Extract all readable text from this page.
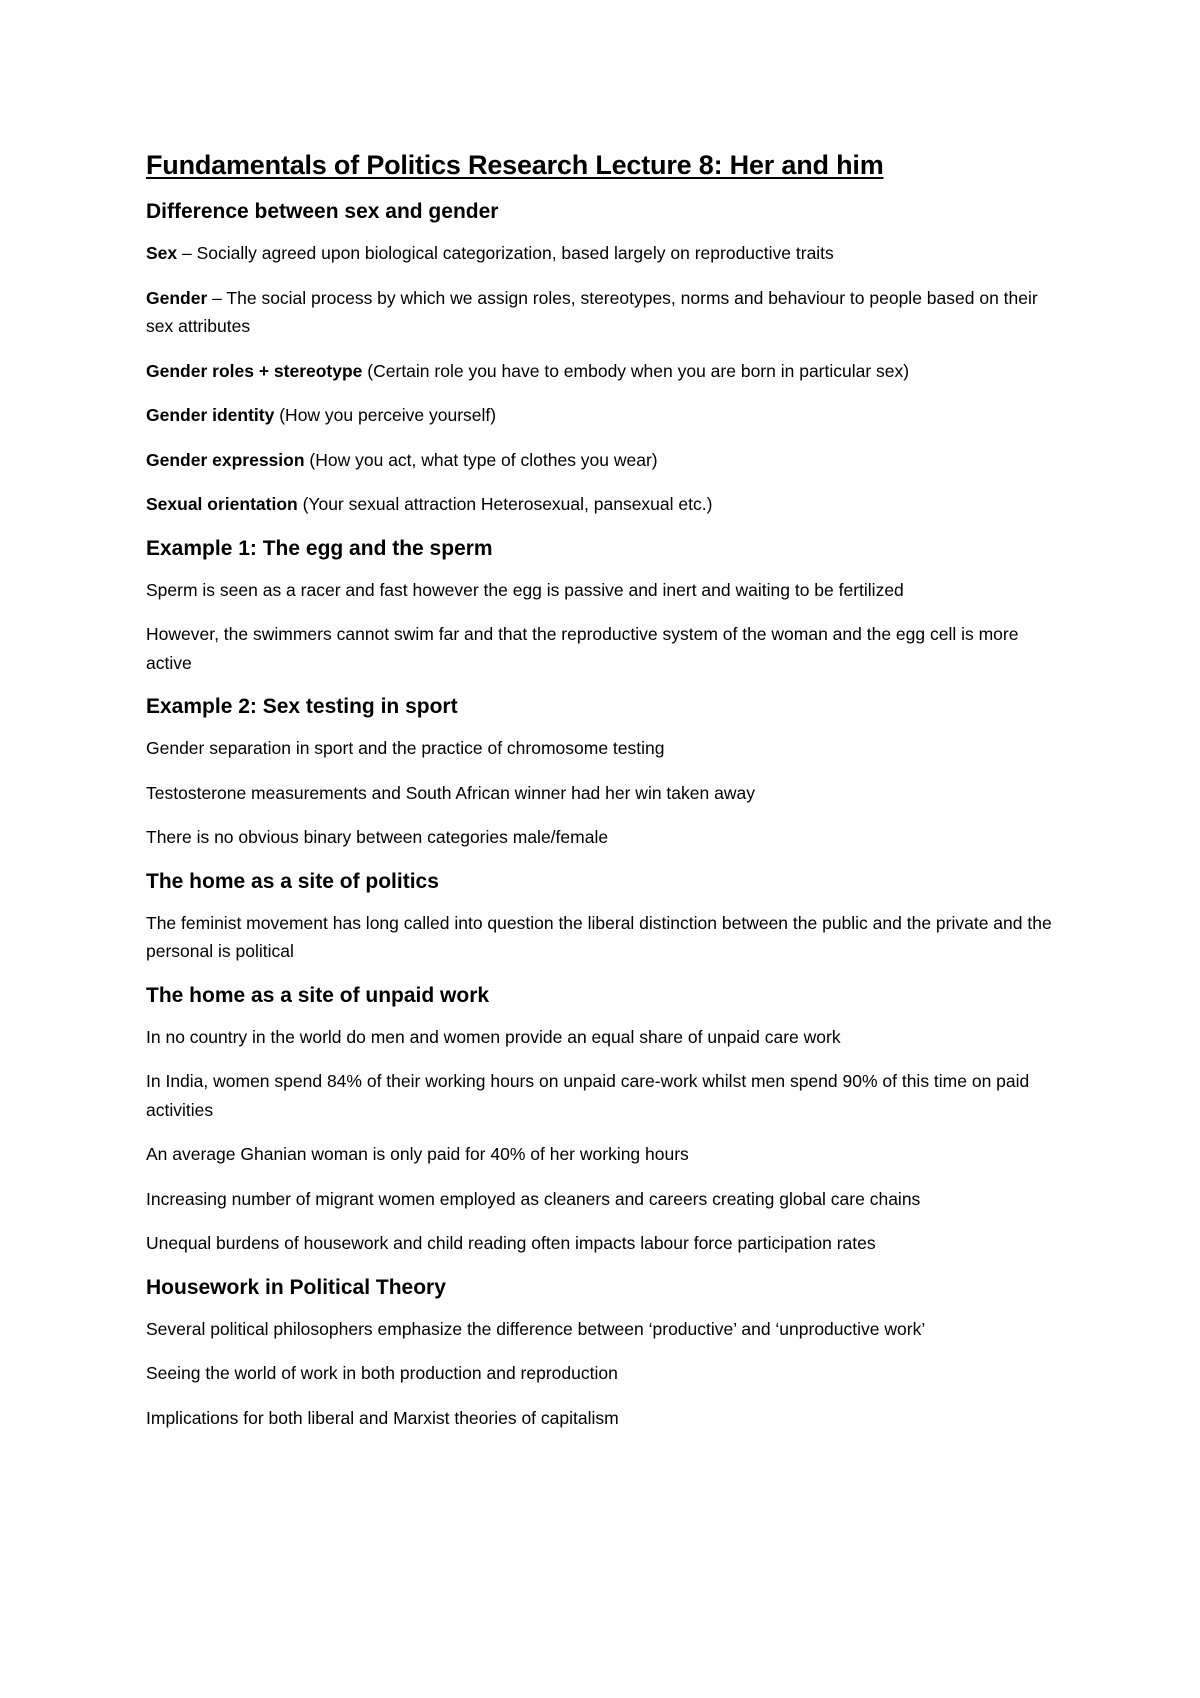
Fundamentals of Politics Research Lecture 8: Her and him
Difference between sex and gender

Sex – Socially agreed upon biological categorization, based largely on reproductive traits

Gender – The social process by which we assign roles, stereotypes, norms and behaviour to people based on their sex attributes

Gender roles + stereotype (Certain role you have to embody when you are born in particular sex)

Gender identity (How you perceive yourself)

Gender expression (How you act, what type of clothes you wear)

Sexual orientation (Your sexual attraction Heterosexual, pansexual etc.)

Example 1: The egg and the sperm

Sperm is seen as a racer and fast however the egg is passive and inert and waiting to be fertilized

However, the swimmers cannot swim far and that the reproductive system of the woman and the egg cell is more active

Example 2: Sex testing in sport

Gender separation in sport and the practice of chromosome testing

Testosterone measurements and South African winner had her win taken away

There is no obvious binary between categories male/female

The home as a site of politics

The feminist movement has long called into question the liberal distinction between the public and the private and the personal is political

The home as a site of unpaid work

In no country in the world do men and women provide an equal share of unpaid care work

In India, women spend 84% of their working hours on unpaid care-work whilst men spend 90% of this time on paid activities

An average Ghanian woman is only paid for 40% of her working hours

Increasing number of migrant women employed as cleaners and careers creating global care chains

Unequal burdens of housework and child reading often impacts labour force participation rates

Housework in Political Theory

Several political philosophers emphasize the difference between ‘productive’ and ‘unproductive work’

Seeing the world of work in both production and reproduction

Implications for both liberal and Marxist theories of capitalism
